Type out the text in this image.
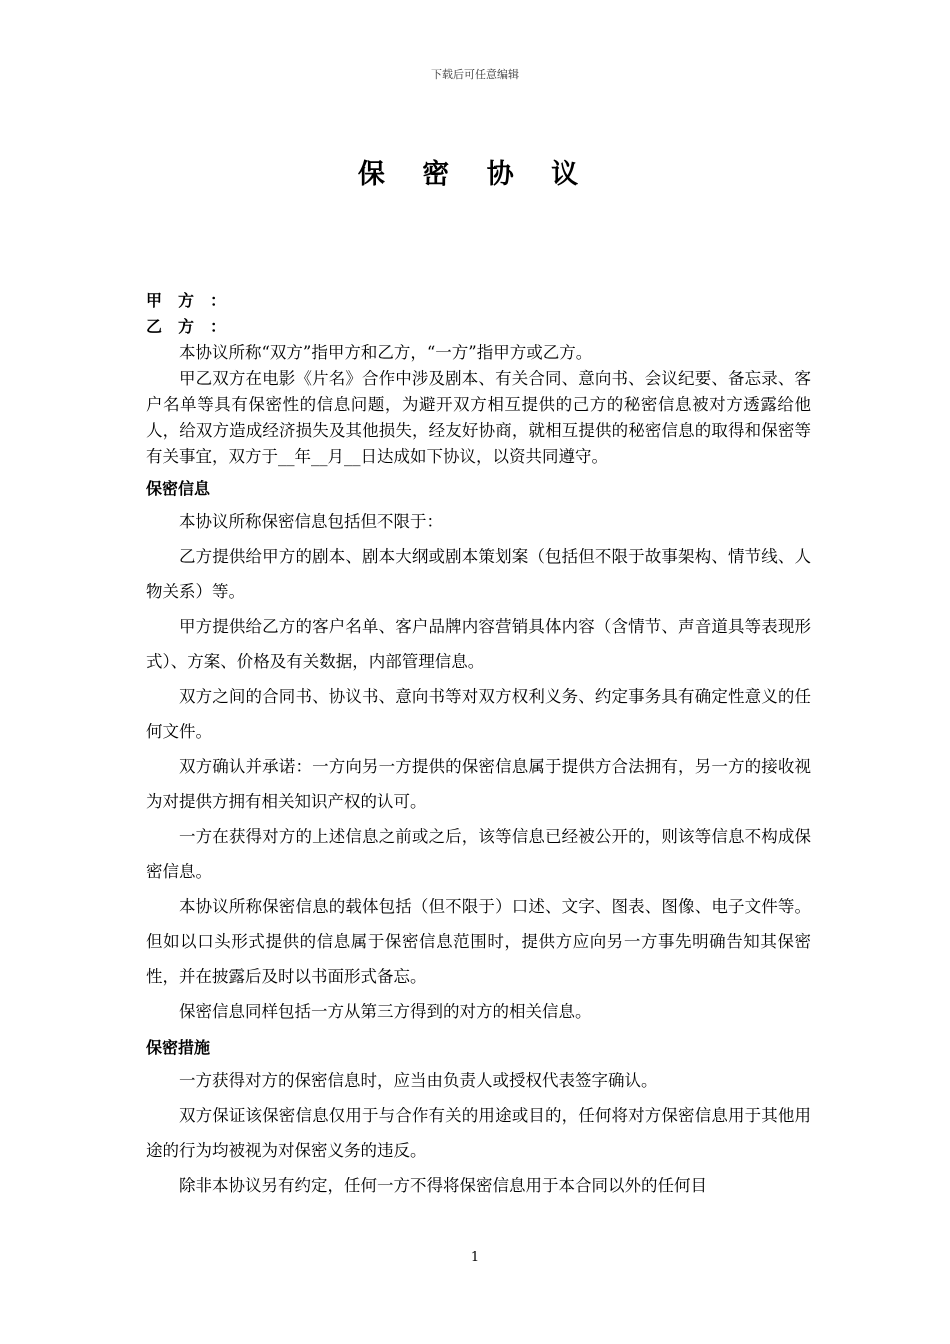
下载后可任意编辑
保 密 协 议
甲方：
乙方：

本协议所称“双方”指甲方和乙方，“一方”指甲方或乙方。

甲乙双方在电影《片名》合作中涉及剧本、有关合同、意向书、会议纪要、备忘录、客户名单等具有保密性的信息问题，为避开双方相互提供的己方的秘密信息被对方透露给他人，给双方造成经济损失及其他损失，经友好协商，就相互提供的秘密信息的取得和保密等有关事宜，双方于__年__月__日达成如下协议，以资共同遵守。

保密信息

本协议所称保密信息包括但不限于：

乙方提供给甲方的剧本、剧本大纲或剧本策划案（包括但不限于故事架构、情节线、人物关系）等。

甲方提供给乙方的客户名单、客户品牌内容营销具体内容（含情节、声音道具等表现形式）、方案、价格及有关数据，内部管理信息。

双方之间的合同书、协议书、意向书等对双方权利义务、约定事务具有确定性意义的任何文件。

双方确认并承诺：一方向另一方提供的保密信息属于提供方合法拥有，另一方的接收视为对提供方拥有相关知识产权的认可。

一方在获得对方的上述信息之前或之后，该等信息已经被公开的，则该等信息不构成保密信息。

本协议所称保密信息的载体包括（但不限于）口述、文字、图表、图像、电子文件等。但如以口头形式提供的信息属于保密信息范围时，提供方应向另一方事先明确告知其保密性，并在披露后及时以书面形式备忘。

保密信息同样包括一方从第三方得到的对方的相关信息。

保密措施

一方获得对方的保密信息时，应当由负责人或授权代表签字确认。

双方保证该保密信息仅用于与合作有关的用途或目的，任何将对方保密信息用于其他用途的行为均被视为对保密义务的违反。

除非本协议另有约定，任何一方不得将保密信息用于本合同以外的任何目

1
